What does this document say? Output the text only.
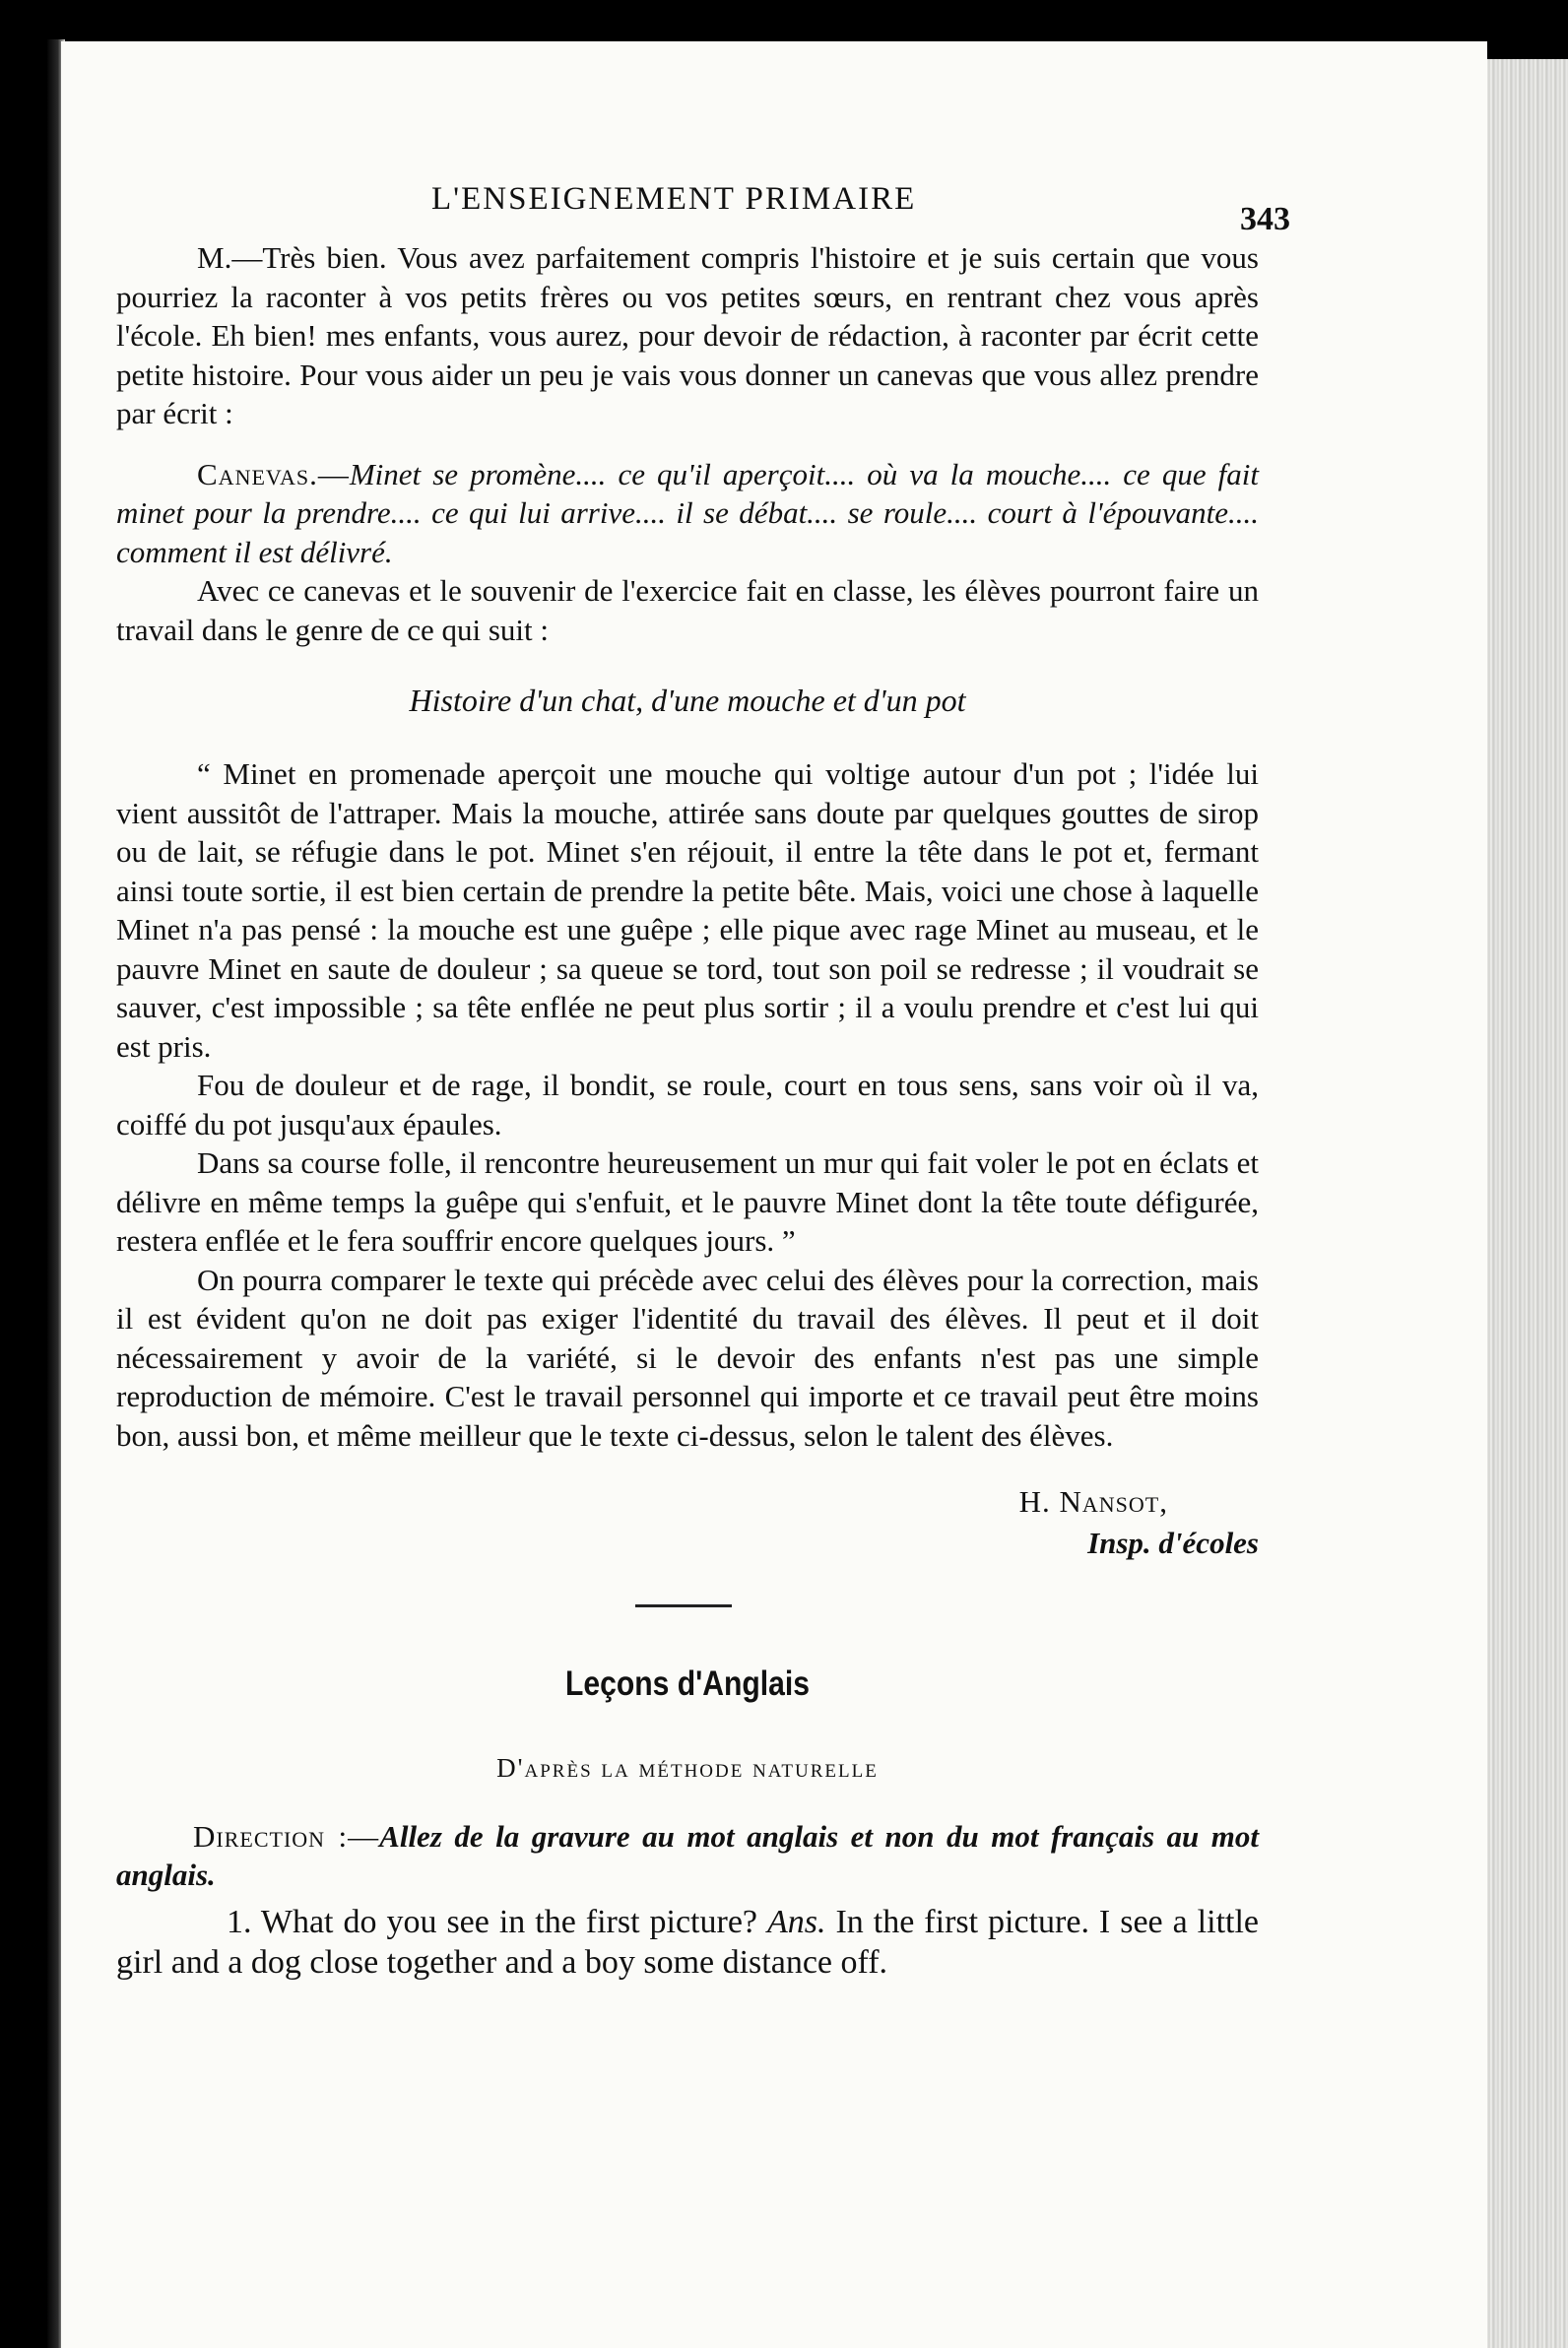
L'ENSEIGNEMENT PRIMAIRE
343

M.—Très bien. Vous avez parfaitement compris l'histoire et je suis certain que vous pourriez la raconter à vos petits frères ou vos petites sœurs, en rentrant chez vous après l'école. Eh bien! mes enfants, vous aurez, pour devoir de rédaction, à raconter par écrit cette petite histoire. Pour vous aider un peu je vais vous donner un canevas que vous allez prendre par écrit :

Canevas.—Minet se promène.... ce qu'il aperçoit.... où va la mouche.... ce que fait minet pour la prendre.... ce qui lui arrive.... il se débat.... se roule.... court à l'épouvante.... comment il est délivré.

Avec ce canevas et le souvenir de l'exercice fait en classe, les élèves pourront faire un travail dans le genre de ce qui suit :

Histoire d'un chat, d'une mouche et d'un pot

“ Minet en promenade aperçoit une mouche qui voltige autour d'un pot ; l'idée lui vient aussitôt de l'attraper. Mais la mouche, attirée sans doute par quelques gouttes de sirop ou de lait, se réfugie dans le pot. Minet s'en réjouit, il entre la tête dans le pot et, fermant ainsi toute sortie, il est bien certain de prendre la petite bête. Mais, voici une chose à laquelle Minet n'a pas pensé : la mouche est une guêpe ; elle pique avec rage Minet au museau, et le pauvre Minet en saute de douleur ; sa queue se tord, tout son poil se redresse ; il voudrait se sauver, c'est impossible ; sa tête enflée ne peut plus sortir ; il a voulu prendre et c'est lui qui est pris.

Fou de douleur et de rage, il bondit, se roule, court en tous sens, sans voir où il va, coiffé du pot jusqu'aux épaules.

Dans sa course folle, il rencontre heureusement un mur qui fait voler le pot en éclats et délivre en même temps la guêpe qui s'enfuit, et le pauvre Minet dont la tête toute défigurée, restera enflée et le fera souffrir encore quelques jours. ”

On pourra comparer le texte qui précède avec celui des élèves pour la correction, mais il est évident qu'on ne doit pas exiger l'identité du travail des élèves. Il peut et il doit nécessairement y avoir de la variété, si le devoir des enfants n'est pas une simple reproduction de mémoire. C'est le travail personnel qui importe et ce travail peut être moins bon, aussi bon, et même meilleur que le texte ci-dessus, selon le talent des élèves.

H. Nansot,

Insp. d'écoles

Leçons d'Anglais

D'après la méthode naturelle

Direction :—Allez de la gravure au mot anglais et non du mot français au mot anglais.

1. What do you see in the first picture? Ans. In the first picture. I see a little girl and a dog close together and a boy some distance off.
